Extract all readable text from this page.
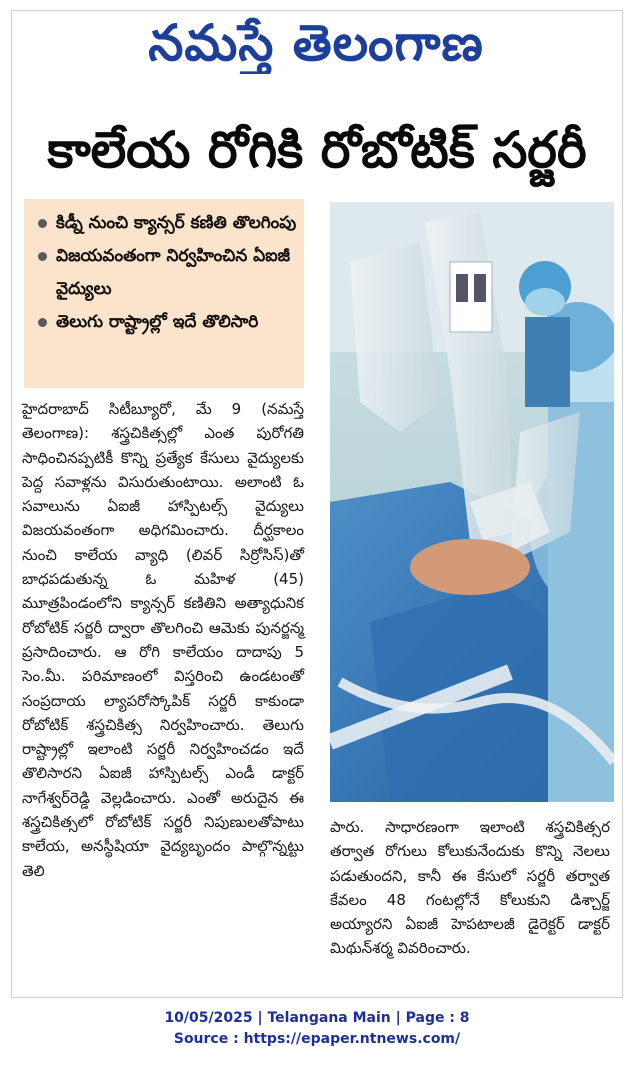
నమస్తే తెలంగాణ
కాలేయ రోగికి రోబోటిక్ సర్జరీ
కిడ్నీ నుంచి క్యాన్సర్ కణితి తొలగింపు
విజయవంతంగా నిర్వహించిన ఏఐజీ వైద్యులు
తెలుగు రాష్ట్రాల్లో ఇదే తొలిసారి
హైదరాబాద్ సిటీబ్యూరో, మే 9 (నమస్తే తెలంగాణ): శస్త్రచికిత్సల్లో ఎంత పురోగతి సాధించినప్పటికీ కొన్ని ప్రత్యేక కేసులు వైద్యులకు పెద్ద సవాళ్లను విసురుతుంటాయి. అలాంటి ఓ సవాలును ఏఐజీ హాస్పిటల్స్ వైద్యులు విజయవంతంగా అధిగమించారు. దీర్ఘకాలం నుంచి కాలేయ వ్యాధి (లివర్ సిర్రోసిస్)తో బాధపడుతున్న ఓ మహిళ (45) మూత్రపిండంలోని క్యాన్సర్ కణితిని అత్యాధునిక రోబోటిక్ సర్జరీ ద్వారా తొలగించి ఆమెకు పునర్జన్మ ప్రసాదించారు. ఆ రోగి కాలేయం దాదాపు 5 సెం.మీ. పరిమాణంలో విస్తరించి ఉండటంతో సంప్రదాయ ల్యాపరోస్కోపిక్ సర్జరీ కాకుండా రోబోటిక్ శస్త్రచికిత్స నిర్వహించారు. తెలుగు రాష్ట్రాల్లో ఇలాంటి సర్జరీ నిర్వహించడం ఇదే తొలిసారని ఏఐజీ హాస్పిటల్స్ ఎండీ డాక్టర్ నాగేశ్వర్‌రెడ్డి వెల్లడించారు. ఎంతో అరుదైన ఈ శస్త్రచికిత్సలో రోబోటిక్ సర్జరీ నిపుణులతోపాటు కాలేయ, అనస్థీషియా వైద్యబృందం పాల్గొన్నట్టు తెలి
పారు. సాధారణంగా ఇలాంటి శస్త్రచికిత్సర తర్వాత రోగులు కోలుకునేందుకు కొన్ని నెలలు పడుతుందని, కానీ ఈ కేసులో సర్జరీ తర్వాత కేవలం 48 గంటల్లోనే కోలుకుని డిశ్చార్జ్ అయ్యారని ఏఐజీ హెపటాలజీ డైరెక్టర్ డాక్టర్ మిథున్‌శర్మ వివరించారు.
10/05/2025 | Telangana Main | Page : 8
Source : https://epaper.ntnews.com/
